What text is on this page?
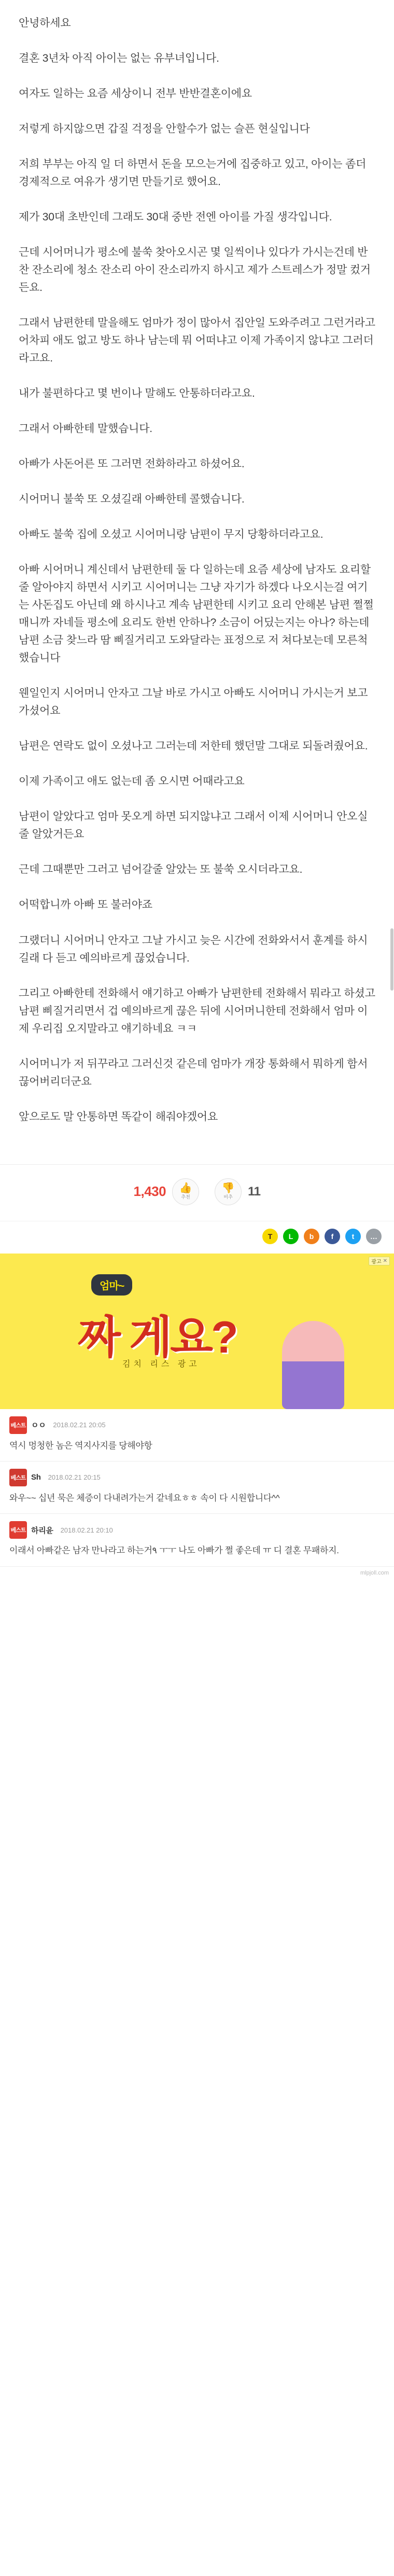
안녕하세요

결혼 3년차 아직 아이는 없는 유부녀입니다.

여자도 일하는 요즘 세상이니 전부 반반결혼이에요

저렇게 하지않으면 갑질 걱정을 안할수가 없는 슬픈 현실입니다

저희 부부는 아직 일 더 하면서 돈을 모으는거에 집중하고 있고, 아이는 좀더 경제적으로 여유가 생기면 만들기로 했어요.

제가 30대 초반인데 그래도 30대 중반 전엔 아이를 가질 생각입니다.

근데 시어머니가 평소에 불쑥 찾아오시곤 몇 일씩이나 있다가 가시는건데 반찬 잔소리에 청소 잔소리 아이 잔소리까지 하시고 제가 스트레스가 정말 컸거든요.

그래서 남편한테 말을해도 엄마가 정이 많아서 집안일 도와주려고 그런거라고 어차피 애도 없고 방도 하나 남는데 뭐 어떠냐고 이제 가족이지 않냐고 그러더라고요.

내가 불편하다고 몇 번이나 말해도 안통하더라고요.

그래서 아빠한테 말했습니다.

아빠가 사돈어른 또 그러면 전화하라고 하셨어요.

시어머니 불쑥 또 오셨길래 아빠한테 콜했습니다.

아빠도 불쑥 집에 오셨고 시어머니랑 남편이 무지 당황하더라고요.

아빠 시어머니 계신데서 남편한테 둘 다 일하는데 요즘 세상에 남자도 요리할줄 알아야지 하면서 시키고 시어머니는 그냥 자기가 하겠다 나오시는걸 여기는 사돈집도 아닌데 왜 하시나고 계속 남편한테 시키고 요리 안해본 남편 쩔쩔 매니까 자네들 평소에 요리도 한번 안하나? 소금이 어딨는지는 아나? 하는데 남편 소금 찾느라 땀 삐질거리고 도와달라는 표정으로 저 쳐다보는데 모른척 했습니다

웬일인지 시어머니 안자고 그날 바로 가시고 아빠도 시어머니 가시는거 보고 가셨어요

남편은 연락도 없이 오셨나고 그러는데 저한테 했던말 그대로 되돌려줬어요.

이제 가족이고 애도 없는데 좀 오시면 어때라고요

남편이 알았다고 엄마 못오게 하면 되지않냐고 그래서 이제 시어머니 안오실줄 알았거든요

근데 그때뿐만 그러고 넘어갈줄 알았는 또 불쑥 오시더라고요.

어떡합니까 아빠 또 불러야죠

그랬더니 시어머니 안자고 그날 가시고 늦은 시간에 전화와서서 훈계를 하시길래 다 듣고 예의바르게 끊었습니다.

그리고 아빠한테 전화해서 얘기하고 아빠가 남편한테 전화해서 뭐라고 하셨고 남편 삐질거리면서 겁 예의바르게 끊은 뒤에 시어머니한테 전화해서 엄마 이제 우리집 오지말라고 얘기하네요 ㅋㅋ

시어머니가 저 뒤꾸라고 그러신것 같은데 엄마가 개장 통화해서 뭐하게 함서 끊어버리더군요

앞으로도 말 안통하면 똑같이 해줘야겠어요

1,430 👍
추천
👎
비추 11
T	L	b	f	t	…
광고 ✕
엄마~
짜 게요?
김치 리스 광고
베스트 ㅇㅇ 2018.02.21 20:05
역시 멍청한 놈은 역지사지를 당해야항
베스트 Sh 2018.02.21 20:15
와우~~ 십년 묵은 체증이 다내려가는거 같네요ㅎㅎ 속이 다 시원합니다^^
베스트 하리윤 2018.02.21 20:10
이래서 아빠같은 남자 만나라고 하는거٩ ㅜㅜ 나도 아빠가 쩔 좋은데 ㅠ 디 결혼 무패하지.
mlpjoll.com
